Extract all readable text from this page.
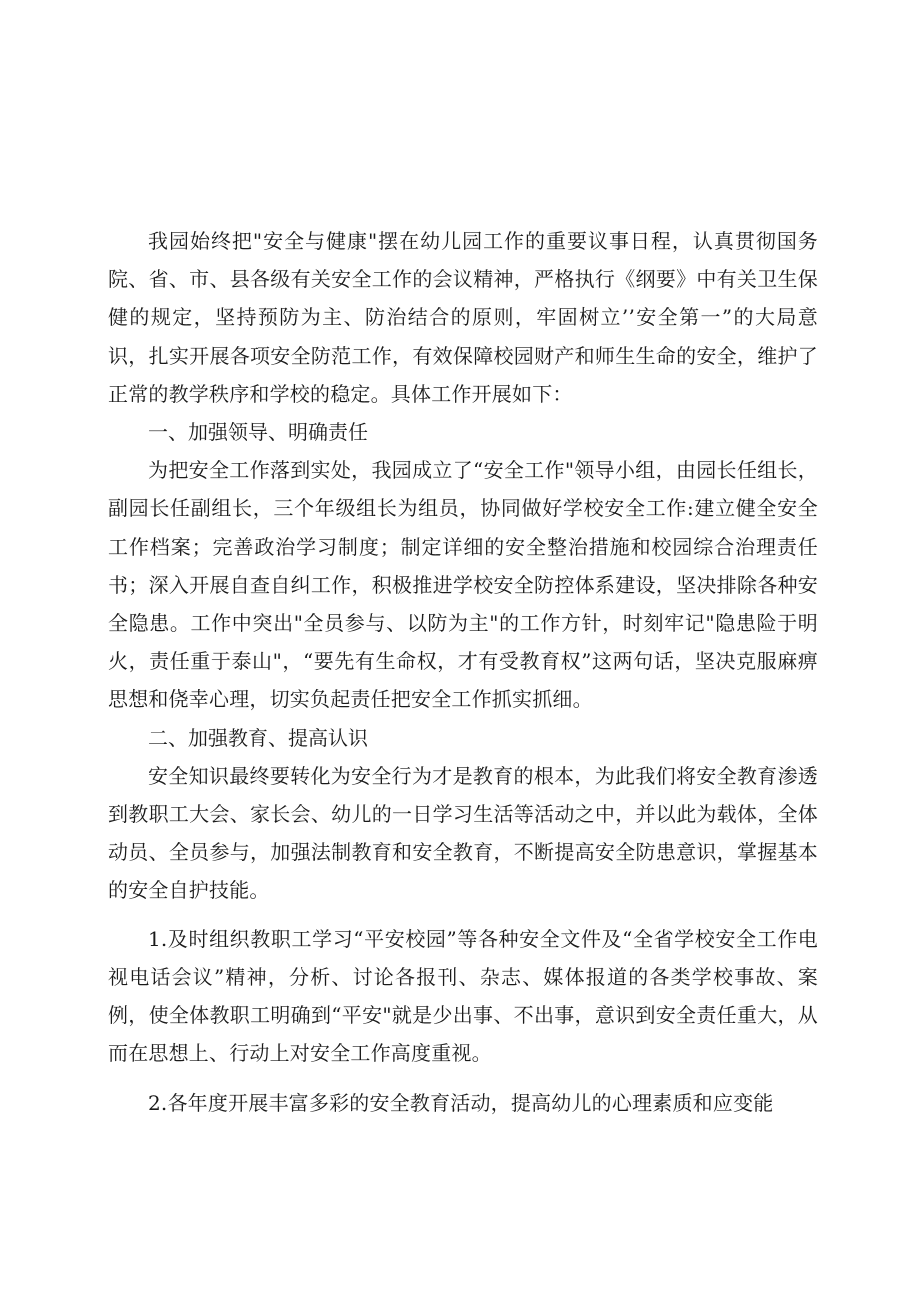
我园始终把"安全与健康"摆在幼儿园工作的重要议事日程，认真贯彻国务院、省、市、县各级有关安全工作的会议精神，严格执行《纲要》中有关卫生保健的规定，坚持预防为主、防治结合的原则，牢固树立’’安全第一”的大局意识，扎实开展各项安全防范工作，有效保障校园财产和师生生命的安全，维护了正常的教学秩序和学校的稳定。具体工作开展如下：

一、加强领导、明确责任

为把安全工作落到实处，我园成立了“安全工作"领导小组，由园长任组长，副园长任副组长，三个年级组长为组员，协同做好学校安全工作:建立健全安全工作档案；完善政治学习制度；制定详细的安全整治措施和校园综合治理责任书；深入开展自查自纠工作，积极推进学校安全防控体系建设，坚决排除各种安全隐患。工作中突出"全员参与、以防为主"的工作方针，时刻牢记"隐患险于明火，责任重于泰山"，“要先有生命权，才有受教育权”这两句话，坚决克服麻痹思想和侥幸心理，切实负起责任把安全工作抓实抓细。

二、加强教育、提高认识

安全知识最终要转化为安全行为才是教育的根本，为此我们将安全教育渗透到教职工大会、家长会、幼儿的一日学习生活等活动之中，并以此为载体，全体动员、全员参与，加强法制教育和安全教育，不断提高安全防患意识，掌握基本的安全自护技能。

1.及时组织教职工学习“平安校园”等各种安全文件及“全省学校安全工作电视电话会议”精神，分析、讨论各报刊、杂志、媒体报道的各类学校事故、案例，使全体教职工明确到“平安"就是少出事、不出事，意识到安全责任重大，从而在思想上、行动上对安全工作高度重视。

2.各年度开展丰富多彩的安全教育活动，提高幼儿的心理素质和应变能
